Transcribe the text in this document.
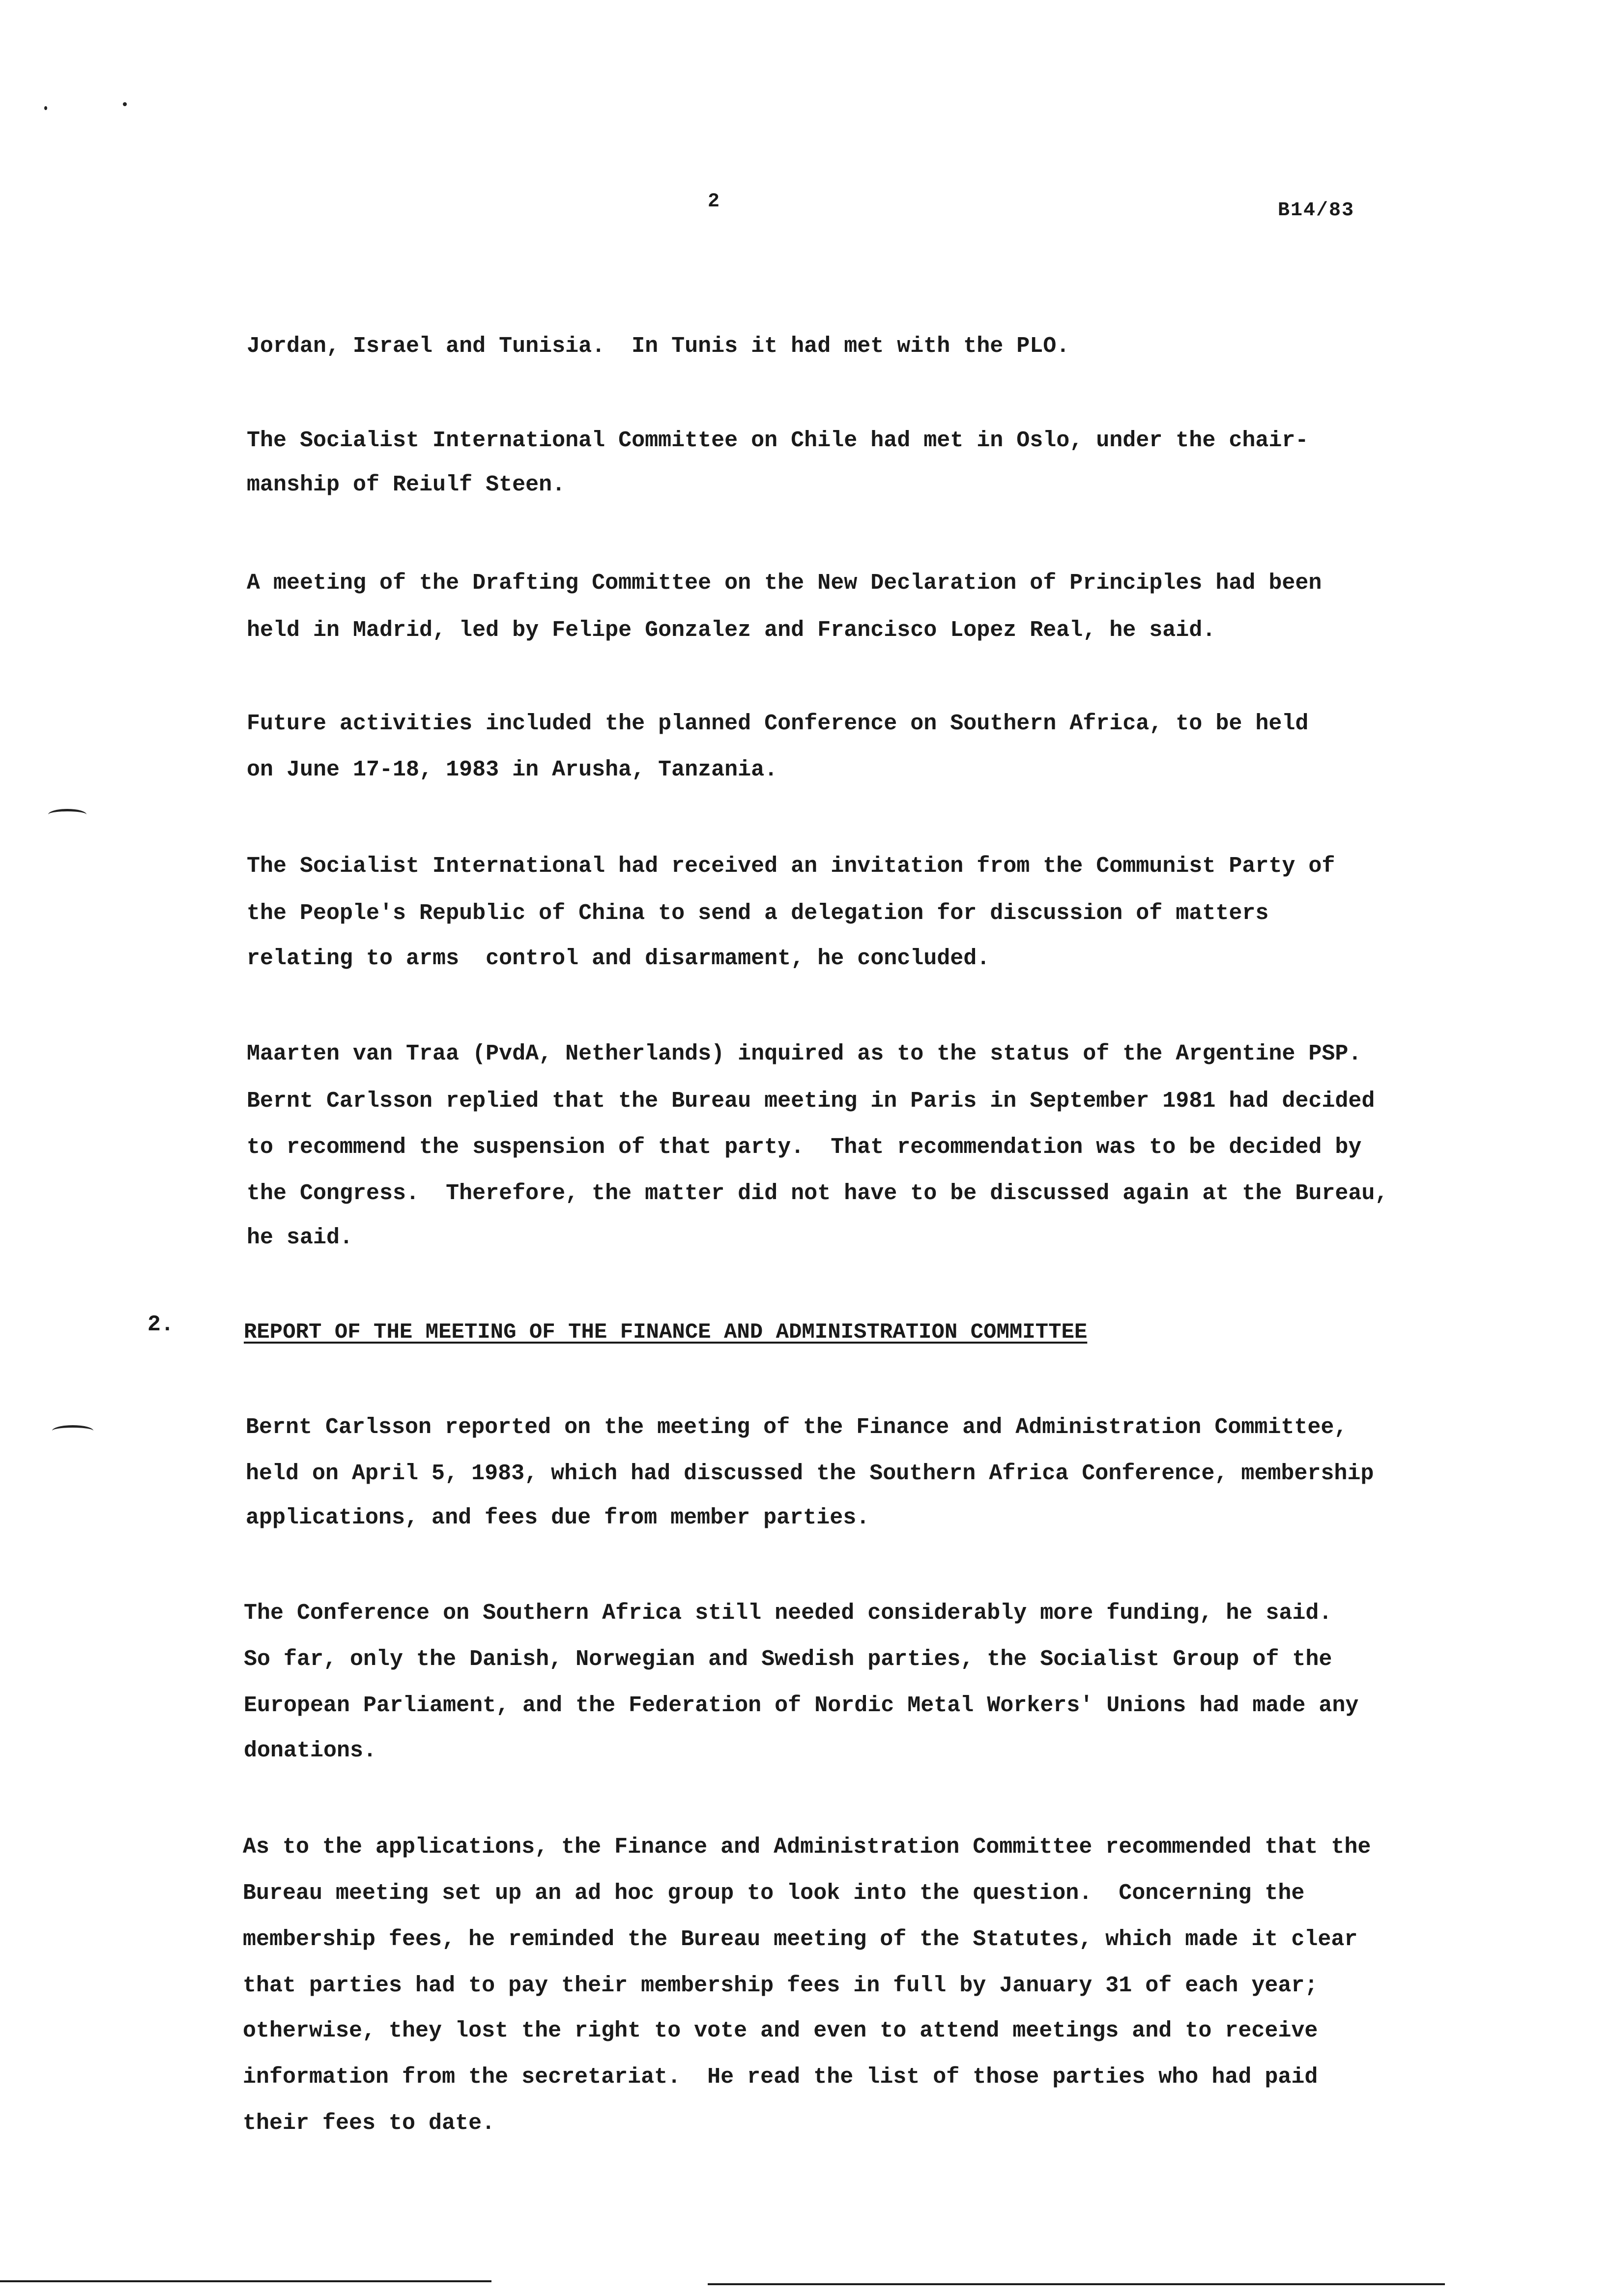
2	B14/83
Jordan, Israel and Tunisia.  In Tunis it had met with the PLO.
The Socialist International Committee on Chile had met in Oslo, under the chair-
manship of Reiulf Steen.
A meeting of the Drafting Committee on the New Declaration of Principles had been
held in Madrid, led by Felipe Gonzalez and Francisco Lopez Real, he said.
Future activities included the planned Conference on Southern Africa, to be held
on June 17-18, 1983 in Arusha, Tanzania.
The Socialist International had received an invitation from the Communist Party of
the People's Republic of China to send a delegation for discussion of matters
relating to arms  control and disarmament, he concluded.
Maarten van Traa (PvdA, Netherlands) inquired as to the status of the Argentine PSP.
Bernt Carlsson replied that the Bureau meeting in Paris in September 1981 had decided
to recommend the suspension of that party.  That recommendation was to be decided by
the Congress.  Therefore, the matter did not have to be discussed again at the Bureau,
he said.
2.	REPORT OF THE MEETING OF THE FINANCE AND ADMINISTRATION COMMITTEE
Bernt Carlsson reported on the meeting of the Finance and Administration Committee,
held on April 5, 1983, which had discussed the Southern Africa Conference, membership
applications, and fees due from member parties.
The Conference on Southern Africa still needed considerably more funding, he said.
So far, only the Danish, Norwegian and Swedish parties, the Socialist Group of the
European Parliament, and the Federation of Nordic Metal Workers' Unions had made any
donations.
As to the applications, the Finance and Administration Committee recommended that the
Bureau meeting set up an ad hoc group to look into the question.  Concerning the
membership fees, he reminded the Bureau meeting of the Statutes, which made it clear
that parties had to pay their membership fees in full by January 31 of each year;
otherwise, they lost the right to vote and even to attend meetings and to receive
information from the secretariat.  He read the list of those parties who had paid
their fees to date.
